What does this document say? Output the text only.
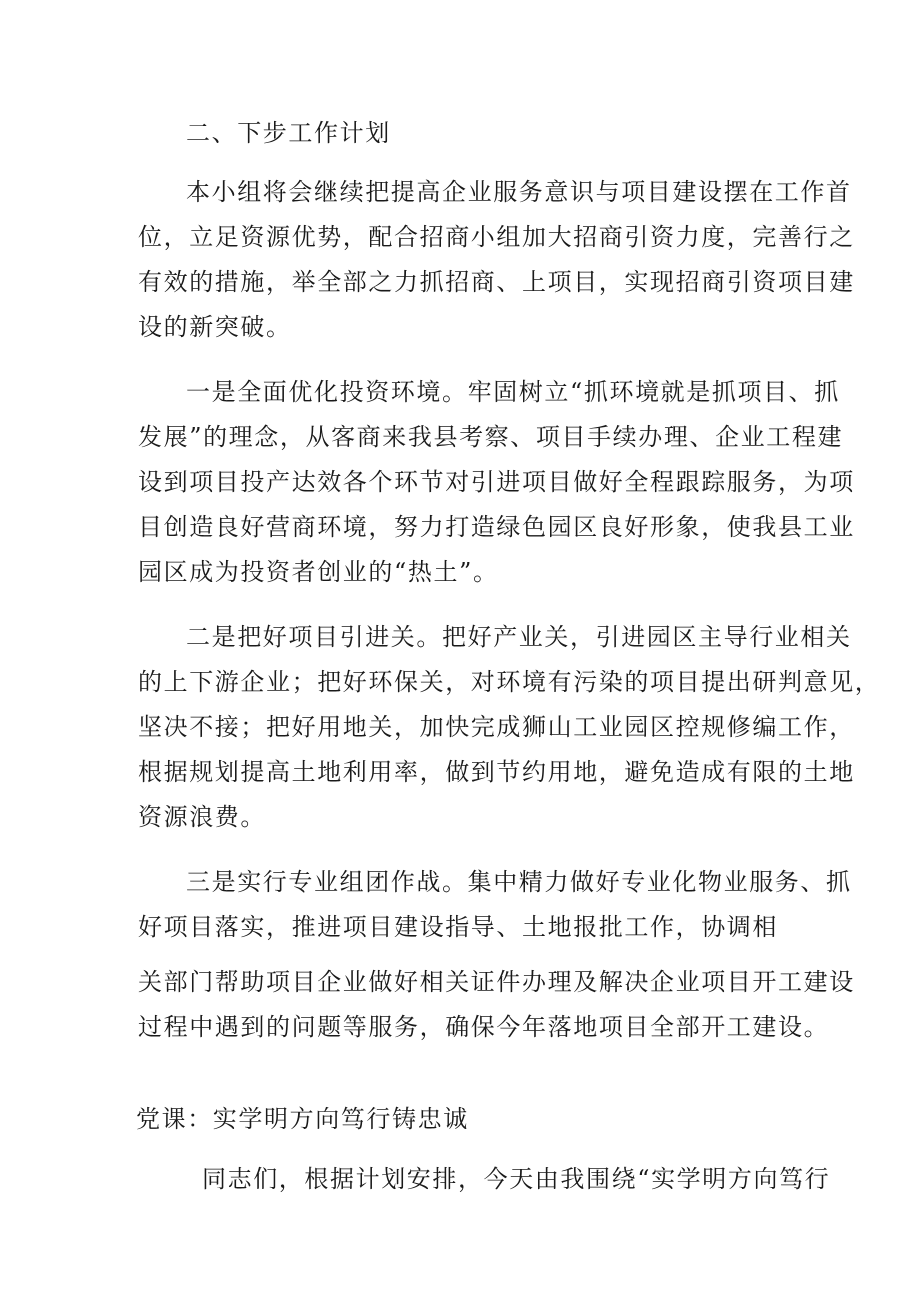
二、下步工作计划
本小组将会继续把提高企业服务意识与项目建设摆在工作首
位，立足资源优势，配合招商小组加大招商引资力度，完善行之
有效的措施，举全部之力抓招商、上项目，实现招商引资项目建
设的新突破。
一是全面优化投资环境。牢固树立“抓环境就是抓项目、抓
发展”的理念，从客商来我县考察、项目手续办理、企业工程建
设到项目投产达效各个环节对引进项目做好全程跟踪服务，为项
目创造良好营商环境，努力打造绿色园区良好形象，使我县工业
园区成为投资者创业的“热土”。
二是把好项目引进关。把好产业关，引进园区主导行业相关
的上下游企业；把好环保关，对环境有污染的项目提出研判意见，
坚决不接；把好用地关，加快完成狮山工业园区控规修编工作，
根据规划提高土地利用率，做到节约用地，避免造成有限的土地
资源浪费。
三是实行专业组团作战。集中精力做好专业化物业服务、抓
好项目落实，推进项目建设指导、土地报批工作，协调相
关部门帮助项目企业做好相关证件办理及解决企业项目开工建设
过程中遇到的问题等服务，确保今年落地项目全部开工建设。
党课：实学明方向笃行铸忠诚
同志们，根据计划安排，今天由我围绕“实学明方向笃行
